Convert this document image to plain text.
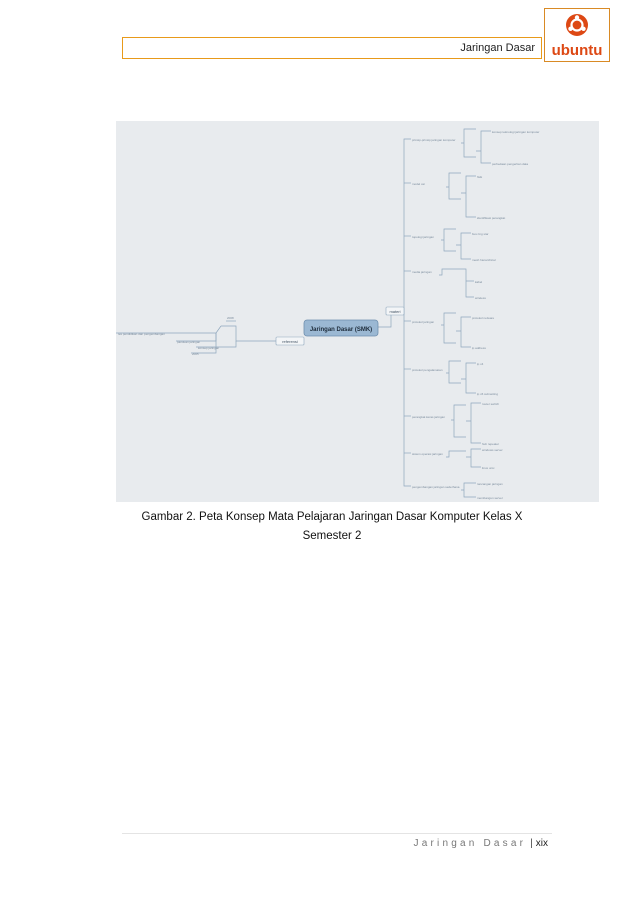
Jaringan Dasar	ubuntu
prinsip-prinsip jaringan komputer
model osi
topologi jaringan
media jaringan
protokol jaringan
protokol pengalamatan
perangkat keras jaringan
sistem operasi jaringan
pengembangan jaringan sederhana
konsep teknologi jaringan komputer
perbedaan pengertian data
fisik
identifikasi perangkat
bus ring star
mesh hierarchical
kabel
wireless
protokol netware
ip address
ip v4
ip v6 subnetting
router switch
hub repeater
windows server
linux unix
rancangan jaringan
membangun server
tes pendidikan dan pengembangan
panduan jaringan
2005
2008
konsep jaringan
materi
referensi
Jaringan Dasar (SMK)
Gambar 2. Peta Konsep Mata Pelajaran Jaringan Dasar Komputer Kelas X
Semester 2
Jaringan Dasar | xix
